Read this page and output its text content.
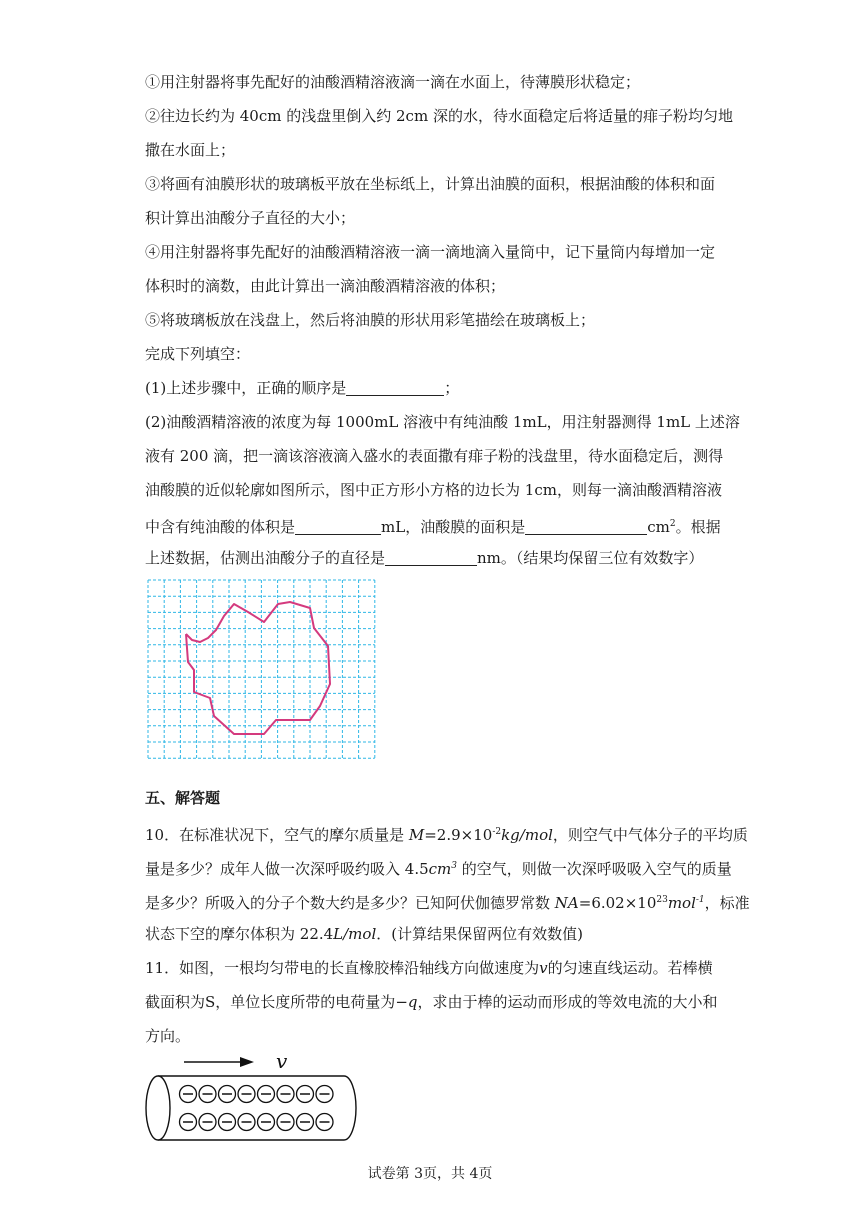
①用注射器将事先配好的油酸酒精溶液滴一滴在水面上，待薄膜形状稳定；
②往边长约为 40cm 的浅盘里倒入约 2cm 深的水，待水面稳定后将适量的痱子粉均匀地
撒在水面上；
③将画有油膜形状的玻璃板平放在坐标纸上，计算出油膜的面积，根据油酸的体积和面
积计算出油酸分子直径的大小；
④用注射器将事先配好的油酸酒精溶液一滴一滴地滴入量筒中，记下量筒内每增加一定
体积时的滴数，由此计算出一滴油酸酒精溶液的体积；
⑤将玻璃板放在浅盘上，然后将油膜的形状用彩笔描绘在玻璃板上；
完成下列填空：
(1)上述步骤中，正确的顺序是	；
(2)油酸酒精溶液的浓度为每 1000mL 溶液中有纯油酸 1mL，用注射器测得 1mL 上述溶
液有 200 滴，把一滴该溶液滴入盛水的表面撒有痱子粉的浅盘里，待水面稳定后，测得
油酸膜的近似轮廓如图所示，图中正方形小方格的边长为 1cm，则每一滴油酸酒精溶液
中含有纯油酸的体积是	mL，油酸膜的面积是	$cm^2$。根据
上述数据，估测出油酸分子的直径是	nm。（结果均保留三位有效数字）
五、解答题
10．在标准状况下，空气的摩尔质量是 $M=2.9\times 10^{-2}kg$/mol，则空气中气体分子的平均质
量是多少？成年人做一次深呼吸约吸入 $4.5cm^3$ 的空气，则做一次深呼吸吸入空气的质量
是多少？所吸入的分子个数大约是多少？已知阿伏伽德罗常数 $NA=6.02\times 10^{23}mol^{-1}$，标准
状态下空的摩尔体积为 22.4L/mol．(计算结果保留两位有效数值)
11．如图，一根均匀带电的长直橡胶棒沿轴线方向做速度为v的匀速直线运动。若棒横
截面积为S，单位长度所带的电荷量为−q，求由于棒的运动而形成的等效电流的大小和
方向。
v
试卷第 3页，共 4页
